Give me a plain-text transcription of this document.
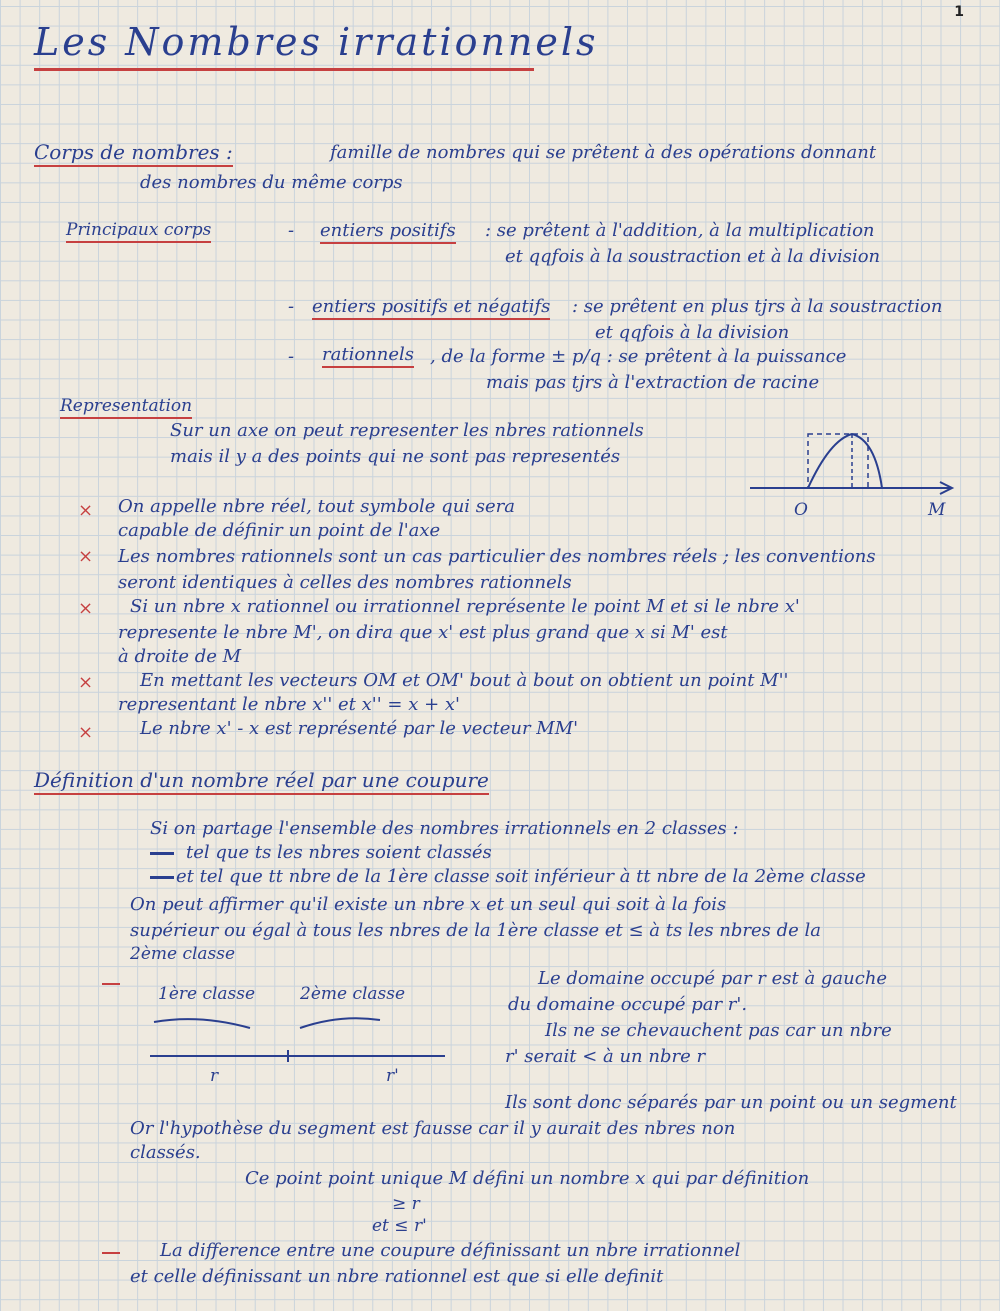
1
Les Nombres irrationnels
Corps de nombres :	famille de nombres qui se prêtent à des opérations donnant
des nombres du même corps
Principaux corps	- entiers positifs : se prêtent à l'addition, à la multiplication
et qqfois à la soustraction et à la division
- entiers positifs et négatifs : se prêtent en plus tjrs à la soustraction
et qqfois à la division
- rationnels , de la forme ± p/q : se prêtent à la puissance
mais pas tjrs à l'extraction de racine
Representation
Sur un axe on peut representer les nbres rationnels
mais il y a des points qui ne sont pas representés
O	M
× On appelle nbre réel, tout symbole qui sera
capable de définir un point de l'axe
× Les nombres rationnels sont un cas particulier des nombres réels ; les conventions
seront identiques à celles des nombres rationnels
× Si un nbre x rationnel ou irrationnel représente le point M et si le nbre x'
represente le nbre M', on dira que x' est plus grand que x si M' est
à droite de M
×	En mettant les vecteurs OM et OM' bout à bout on obtient un point M''
representant le nbre x'' et x'' = x + x'
×	Le nbre x' - x est représenté par le vecteur MM'
Définition d'un nombre réel par une coupure
Si on partage l'ensemble des nombres irrationnels en 2 classes :
tel que ts les nbres soient classés
et tel que tt nbre de la 1ère classe soit inférieur à tt nbre de la 2ème classe
On peut affirmer qu'il existe un nbre x et un seul qui soit à la fois
supérieur ou égal à tous les nbres de la 1ère classe et ≤ à ts les nbres de la
2ème classe
1ère classe	2ème classe
r	r'
Le domaine occupé par r est à gauche
du domaine occupé par r'.
Ils ne se chevauchent pas car un nbre
r' serait < à un nbre r
Ils sont donc séparés par un point ou un segment
Or l'hypothèse du segment est fausse car il y aurait des nbres non
classés.
Ce point point unique M défini un nombre x qui par définition
≥ r
et ≤ r'
La difference entre une coupure définissant un nbre irrationnel
et celle définissant un nbre rationnel est que si elle definit
